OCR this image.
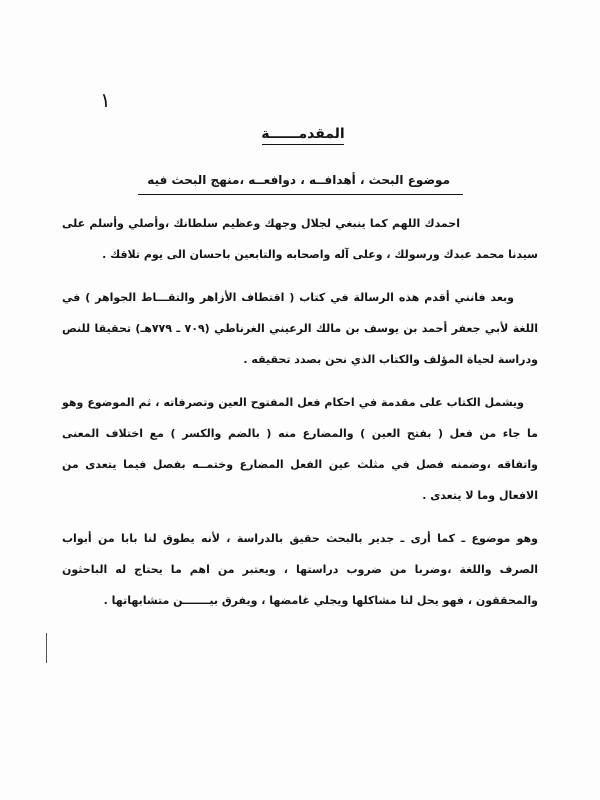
١
المقدمــــــة
موضوع البحث ، أهدافــه ، دوافعــه ،منهج البحث فيه

احمدك اللهم كما ينبغي لجلال وجهك وعظيم سلطانك ،وأصلي وأسلم على سيدنا محمد عبدك ورسولك ، وعلى آله واصحابه والتابعين باحسان الى يوم تلاقك .

وبعد فانني أقدم هذه الرسالة في كتاب ( اقتطاف الأزاهر والتقـــاط الجواهر ) في اللغة لأبي جعفر أحمد بن يوسف بن مالك الرعيني الغرناطي (٧٠٩ ـ ٧٧٩هـ) تحقيقا للنص ودراسة لحياة المؤلف والكتاب الذي نحن بصدد تحقيقه .

ويشمل الكتاب على مقدمة في احكام فعل المفتوح العين وتصرفاته ، ثم الموضوع وهو ما جاء من فعل ( بفتح العين ) والمضارع منه ( بالضم والكسر ) مع اختلاف المعنى واتفاقه ،وضمنه فصل في مثلث عين الفعل المضارع وختمــه بفصل فيما يتعدى من الافعال وما لا يتعدى .

وهو موضوع ـ كما أرى ـ جدير بالبحث حقيق بالدراسة ، لأنه يطوق لنا بابا من أبواب الصرف واللغة ،وضربا من ضروب دراستها ، ويعتبر من اهم ما يحتاج له الباحثون والمحققون ، فهو يحل لنا مشاكلها ويجلي غامضها ، ويفرق بيـــــــن متشابهاتها .
